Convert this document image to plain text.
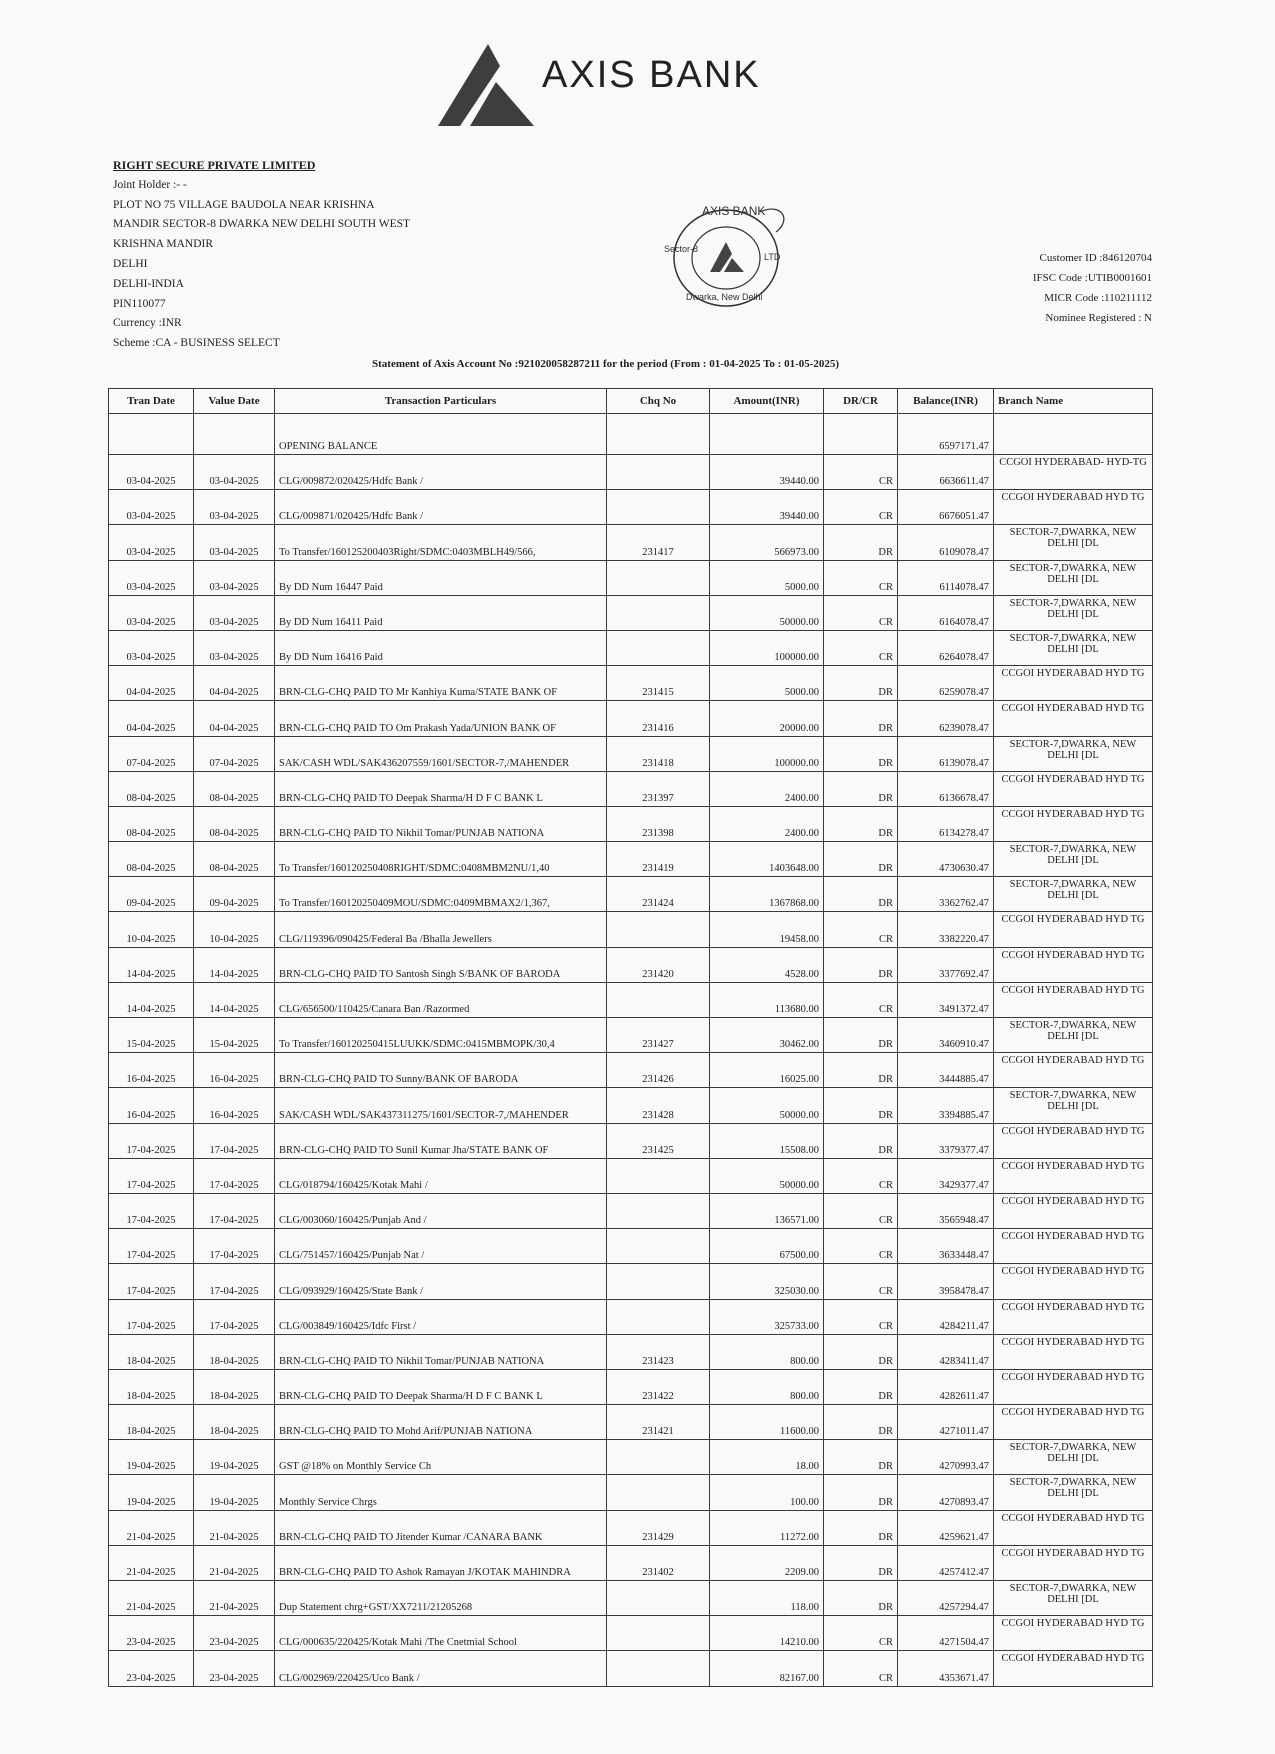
AXIS BANK
AXIS BANK
Sector-8
Dwarka, New Delhi
LTD
RIGHT SECURE PRIVATE LIMITED
Joint Holder :- -
PLOT NO 75 VILLAGE BAUDOLA NEAR KRISHNA
MANDIR SECTOR-8 DWARKA NEW DELHI SOUTH WEST
KRISHNA MANDIR
DELHI
DELHI-INDIA
PIN110077
Currency :INR
Scheme :CA - BUSINESS SELECT
Customer ID :846120704
IFSC Code :UTIB0001601
MICR Code :110211112
Nominee Registered : N
Statement of Axis Account No :921020058287211 for the period (From : 01-04-2025 To : 01-05-2025)
Tran Date	Value Date	Transaction Particulars	Chq No	Amount(INR)	DR/CR	Balance(INR)	Branch Name
		OPENING BALANCE				6597171.47	
03-04-2025	03-04-2025	CLG/009872/020425/Hdfc Bank /		39440.00	CR	6636611.47	CCGOI HYDERABAD- HYD-TG
03-04-2025	03-04-2025	CLG/009871/020425/Hdfc Bank /		39440.00	CR	6676051.47	CCGOI HYDERABAD HYD TG
03-04-2025	03-04-2025	To Transfer/160125200403Right/SDMC:0403MBLH49/566,	231417	566973.00	DR	6109078.47	SECTOR-7,DWARKA, NEW DELHI [DL
03-04-2025	03-04-2025	By DD Num 16447 Paid		5000.00	CR	6114078.47	SECTOR-7,DWARKA, NEW DELHI [DL
03-04-2025	03-04-2025	By DD Num 16411 Paid		50000.00	CR	6164078.47	SECTOR-7,DWARKA, NEW DELHI [DL
03-04-2025	03-04-2025	By DD Num 16416 Paid		100000.00	CR	6264078.47	SECTOR-7,DWARKA, NEW DELHI [DL
04-04-2025	04-04-2025	BRN-CLG-CHQ PAID TO Mr Kanhiya Kuma/STATE BANK OF	231415	5000.00	DR	6259078.47	CCGOI HYDERABAD HYD TG
04-04-2025	04-04-2025	BRN-CLG-CHQ PAID TO Om Prakash Yada/UNION BANK OF	231416	20000.00	DR	6239078.47	CCGOI HYDERABAD HYD TG
07-04-2025	07-04-2025	SAK/CASH WDL/SAK436207559/1601/SECTOR-7,/MAHENDER	231418	100000.00	DR	6139078.47	SECTOR-7,DWARKA, NEW DELHI [DL
08-04-2025	08-04-2025	BRN-CLG-CHQ PAID TO Deepak Sharma/H D F C BANK L	231397	2400.00	DR	6136678.47	CCGOI HYDERABAD HYD TG
08-04-2025	08-04-2025	BRN-CLG-CHQ PAID TO Nikhil Tomar/PUNJAB NATIONA	231398	2400.00	DR	6134278.47	CCGOI HYDERABAD HYD TG
08-04-2025	08-04-2025	To Transfer/160120250408RIGHT/SDMC:0408MBM2NU/1,40	231419	1403648.00	DR	4730630.47	SECTOR-7,DWARKA, NEW DELHI [DL
09-04-2025	09-04-2025	To Transfer/160120250409MOU/SDMC:0409MBMAX2/1,367,	231424	1367868.00	DR	3362762.47	SECTOR-7,DWARKA, NEW DELHI [DL
10-04-2025	10-04-2025	CLG/119396/090425/Federal Ba /Bhalla Jewellers		19458.00	CR	3382220.47	CCGOI HYDERABAD HYD TG
14-04-2025	14-04-2025	BRN-CLG-CHQ PAID TO Santosh Singh S/BANK OF BARODA	231420	4528.00	DR	3377692.47	CCGOI HYDERABAD HYD TG
14-04-2025	14-04-2025	CLG/656500/110425/Canara Ban /Razormed		113680.00	CR	3491372.47	CCGOI HYDERABAD HYD TG
15-04-2025	15-04-2025	To Transfer/160120250415LUUKK/SDMC:0415MBMOPK/30,4	231427	30462.00	DR	3460910.47	SECTOR-7,DWARKA, NEW DELHI [DL
16-04-2025	16-04-2025	BRN-CLG-CHQ PAID TO Sunny/BANK OF BARODA	231426	16025.00	DR	3444885.47	CCGOI HYDERABAD HYD TG
16-04-2025	16-04-2025	SAK/CASH WDL/SAK437311275/1601/SECTOR-7,/MAHENDER	231428	50000.00	DR	3394885.47	SECTOR-7,DWARKA, NEW DELHI [DL
17-04-2025	17-04-2025	BRN-CLG-CHQ PAID TO Sunil Kumar Jha/STATE BANK OF	231425	15508.00	DR	3379377.47	CCGOI HYDERABAD HYD TG
17-04-2025	17-04-2025	CLG/018794/160425/Kotak Mahi /		50000.00	CR	3429377.47	CCGOI HYDERABAD HYD TG
17-04-2025	17-04-2025	CLG/003060/160425/Punjab And /		136571.00	CR	3565948.47	CCGOI HYDERABAD HYD TG
17-04-2025	17-04-2025	CLG/751457/160425/Punjab Nat /		67500.00	CR	3633448.47	CCGOI HYDERABAD HYD TG
17-04-2025	17-04-2025	CLG/093929/160425/State Bank /		325030.00	CR	3958478.47	CCGOI HYDERABAD HYD TG
17-04-2025	17-04-2025	CLG/003849/160425/Idfc First /		325733.00	CR	4284211.47	CCGOI HYDERABAD HYD TG
18-04-2025	18-04-2025	BRN-CLG-CHQ PAID TO Nikhil Tomar/PUNJAB NATIONA	231423	800.00	DR	4283411.47	CCGOI HYDERABAD HYD TG
18-04-2025	18-04-2025	BRN-CLG-CHQ PAID TO Deepak Sharma/H D F C BANK L	231422	800.00	DR	4282611.47	CCGOI HYDERABAD HYD TG
18-04-2025	18-04-2025	BRN-CLG-CHQ PAID TO Mohd Arif/PUNJAB NATIONA	231421	11600.00	DR	4271011.47	CCGOI HYDERABAD HYD TG
19-04-2025	19-04-2025	GST @18% on Monthly Service Ch		18.00	DR	4270993.47	SECTOR-7,DWARKA, NEW DELHI [DL
19-04-2025	19-04-2025	Monthly Service Chrgs		100.00	DR	4270893.47	SECTOR-7,DWARKA, NEW DELHI [DL
21-04-2025	21-04-2025	BRN-CLG-CHQ PAID TO Jitender Kumar /CANARA BANK	231429	11272.00	DR	4259621.47	CCGOI HYDERABAD HYD TG
21-04-2025	21-04-2025	BRN-CLG-CHQ PAID TO Ashok Ramayan J/KOTAK MAHINDRA	231402	2209.00	DR	4257412.47	CCGOI HYDERABAD HYD TG
21-04-2025	21-04-2025	Dup Statement chrg+GST/XX7211/21205268		118.00	DR	4257294.47	SECTOR-7,DWARKA, NEW DELHI [DL
23-04-2025	23-04-2025	CLG/000635/220425/Kotak Mahi /The Cnetmial School		14210.00	CR	4271504.47	CCGOI HYDERABAD HYD TG
23-04-2025	23-04-2025	CLG/002969/220425/Uco Bank /		82167.00	CR	4353671.47	CCGOI HYDERABAD HYD TG
